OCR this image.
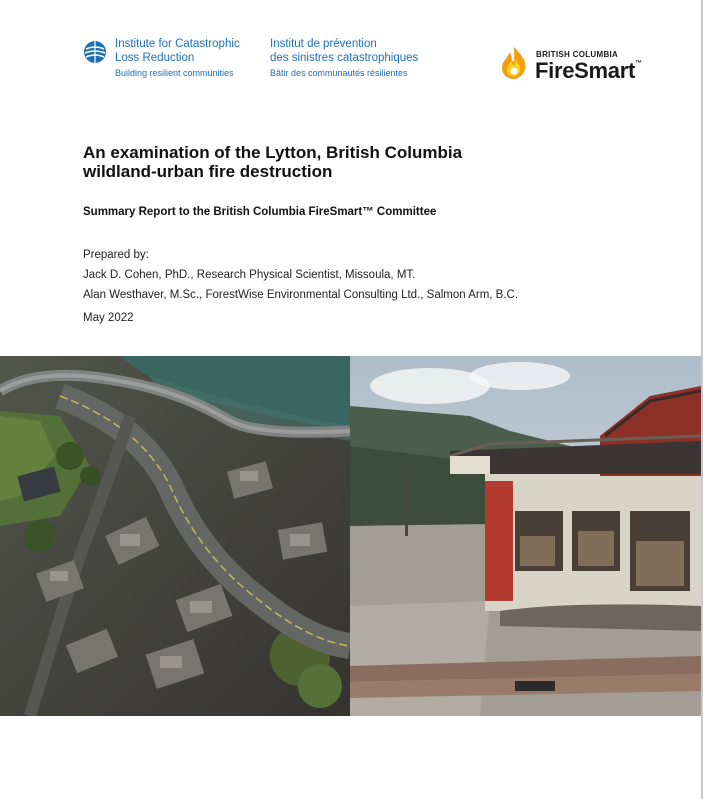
Institute for Catastrophic
Loss Reduction
Building resilient communities
Institut de prévention
des sinistres catastrophiques
Bâtir des communautés résilientes
BRITISH COLUMBIA
FireSmart™
An examination of the Lytton, British Columbia
wildland-urban fire destruction
Summary Report to the British Columbia FireSmart™ Committee
Prepared by:
Jack D. Cohen, PhD., Research Physical Scientist, Missoula, MT.
Alan Westhaver, M.Sc., ForestWise Environmental Consulting Ltd., Salmon Arm, B.C.
May 2022
